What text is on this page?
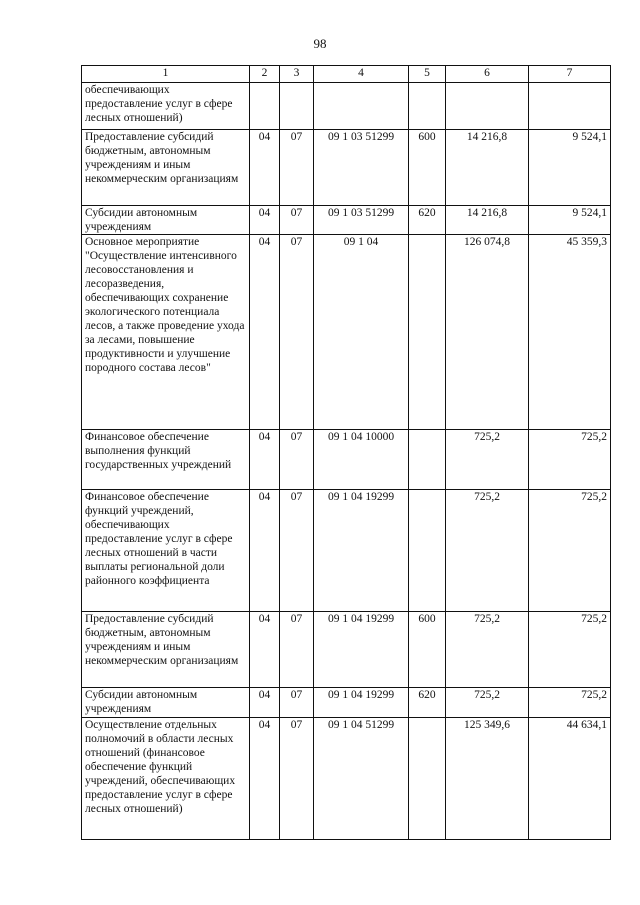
98
1	2	3	4	5	6	7
обеспечивающих предоставление услуг в сфере лесных отношений)						
Предоставление субсидий бюджетным, автономным учреждениям и иным некоммерческим организациям	04	07	09 1 03 51299	600	14 216,8	9 524,1
Субсидии автономным учреждениям	04	07	09 1 03 51299	620	14 216,8	9 524,1
Основное мероприятие "Осуществление интенсивного лесовосстановления и лесоразведения, обеспечивающих сохранение экологического потенциала лесов, а также проведение ухода за лесами, повышение продуктивности и улучшение породного состава лесов"	04	07	09 1 04		126 074,8	45 359,3
Финансовое обеспечение выполнения функций государственных учреждений	04	07	09 1 04 10000		725,2	725,2
Финансовое обеспечение функций учреждений, обеспечивающих предоставление услуг в сфере лесных отношений в части выплаты региональной доли районного коэффициента	04	07	09 1 04 19299		725,2	725,2
Предоставление субсидий бюджетным, автономным учреждениям и иным некоммерческим организациям	04	07	09 1 04 19299	600	725,2	725,2
Субсидии автономным учреждениям	04	07	09 1 04 19299	620	725,2	725,2
Осуществление отдельных полномочий в области лесных отношений (финансовое обеспечение функций учреждений, обеспечивающих предоставление услуг в сфере лесных отношений)	04	07	09 1 04 51299		125 349,6	44 634,1
